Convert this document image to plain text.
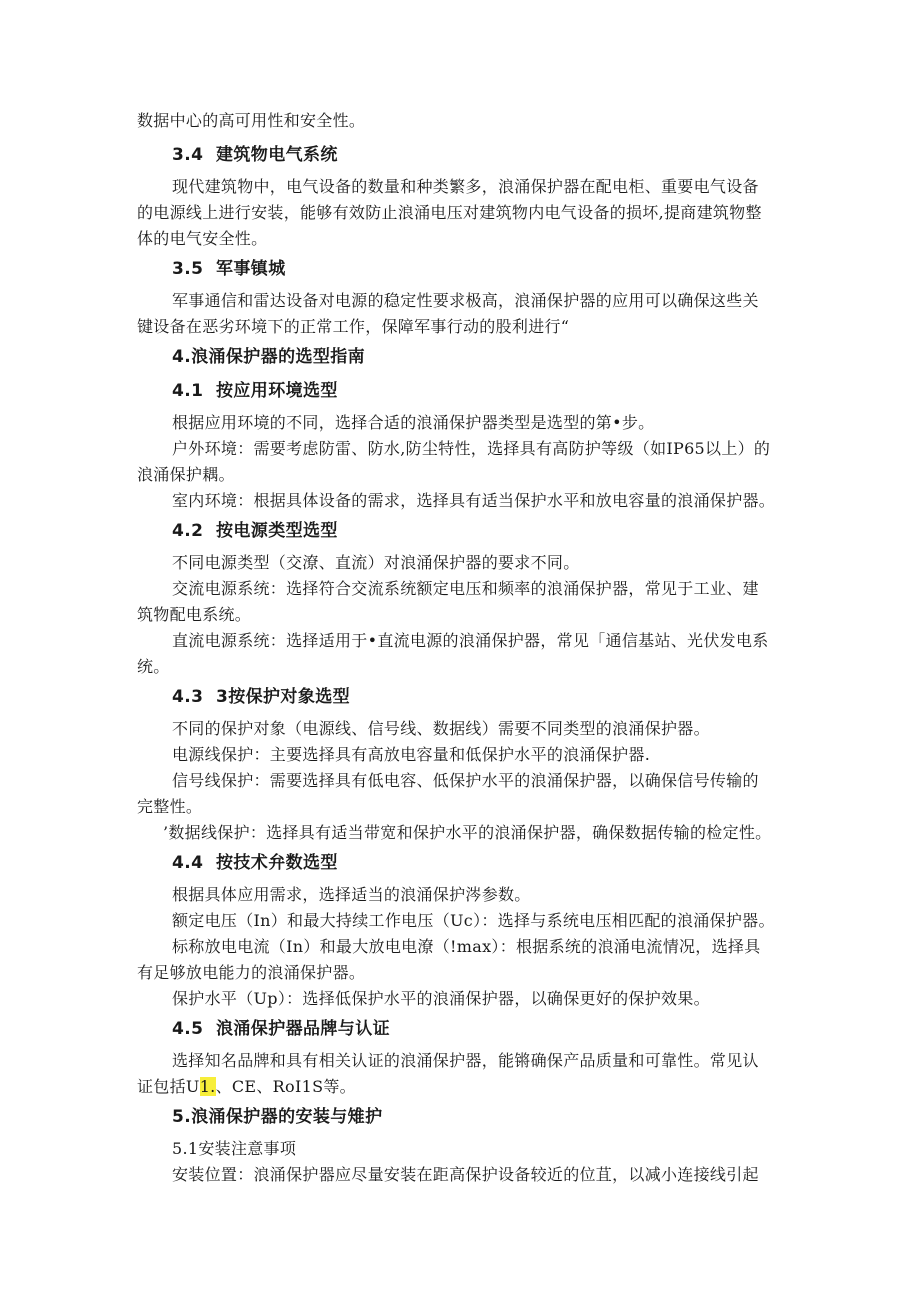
数据中心的高可用性和安全性。
3.4 建筑物电气系统
现代建筑物中，电气设备的数量和种类繁多，浪涌保护器在配电柜、重要电气设备
的电源线上进行安装，能够有效防止浪涌电压对建筑物内电气设备的损坏,提商建筑物整
体的电气安全性。
3.5 军事镇城
军事通信和雷达设备对电源的稳定性要求极高，浪涌保护器的应用可以确保这些关
键设备在恶劣环境下的正常工作，保障军事行动的股利进行“
4.浪涌保护器的选型指南
4.1 按应用环境选型
根据应用环境的不同，选择合适的浪涌保护器类型是选型的第•步。
户外环境：需要考虑防雷、防水,防尘特性，选择具有高防护等级（如IP65以上）的
浪涌保护耦。
室内环境：根据具体设备的需求，选择具有适当保护水平和放电容量的浪涌保护器。
4.2 按电源类型选型
不同电源类型（交潦、直流）对浪涌保护器的要求不同。
交流电源系统：选择符合交流系统额定电压和频率的浪涌保护器，常见于工业、建
筑物配电系统。
直流电源系统：选择适用于•直流电源的浪涌保护器，常见「通信基站、光伏发电系
统。
4.3 3按保护对象选型
不同的保护对象（电源线、信号线、数据线）需要不同类型的浪涌保护器。
电源线保护：主要选择具有高放电容量和低保护水平的浪涌保护器.
信号线保护：需要选择具有低电容、低保护水平的浪涌保护器，以确保信号传输的
完整性。
’数据线保护：选择具有适当带宽和保护水平的浪涌保护器，确保数据传输的检定性。
4.4 按技术弁数选型
根据具体应用需求，选择适当的浪涌保护涔参数。
额定电压（In）和最大持续工作电压（Uc）：选择与系统电压相匹配的浪涌保护器。
标称放电电流（In）和最大放电电潦（!max）：根据系统的浪涌电流情况，选择具
有足够放电能力的浪涌保护器。
保护水平（Up）：选择低保护水平的浪涌保护器，以确保更好的保护效果。
4.5 浪涌保护器品牌与认证
选择知名品牌和具有相关认证的浪涌保护器，能锵确保产品质量和可靠性。常见认
证包括U1.、CE、RoI1S等。
5.浪涌保护器的安装与雉护
5.1安装注意事项
安装位置：浪涌保护器应尽量安装在距高保护设备较近的位苴，以减小连接线引起
